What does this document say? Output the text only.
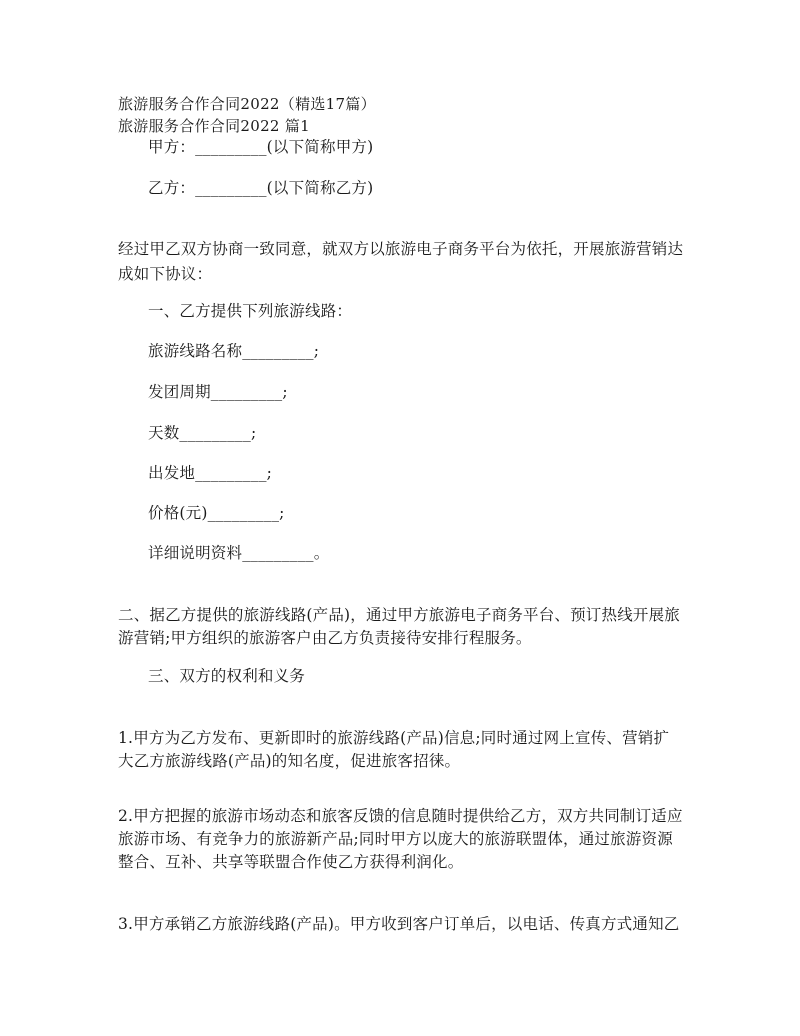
旅游服务合作合同2022（精选17篇）
旅游服务合作合同2022 篇1
甲方：_________(以下简称甲方)
乙方：_________(以下简称乙方)
经过甲乙双方协商一致同意，就双方以旅游电子商务平台为依托，开展旅游营销达
成如下协议：
一、乙方提供下列旅游线路：
旅游线路名称_________;
发团周期_________;
天数_________;
出发地_________;
价格(元)_________;
详细说明资料_________。
二、据乙方提供的旅游线路(产品)，通过甲方旅游电子商务平台、预订热线开展旅
游营销;甲方组织的旅游客户由乙方负责接待安排行程服务。
三、双方的权利和义务
1.甲方为乙方发布、更新即时的旅游线路(产品)信息;同时通过网上宣传、营销扩
大乙方旅游线路(产品)的知名度，促进旅客招徕。
2.甲方把握的旅游市场动态和旅客反馈的信息随时提供给乙方，双方共同制订适应
旅游市场、有竞争力的旅游新产品;同时甲方以庞大的旅游联盟体，通过旅游资源
整合、互补、共享等联盟合作使乙方获得利润化。
3.甲方承销乙方旅游线路(产品)。甲方收到客户订单后，以电话、传真方式通知乙
